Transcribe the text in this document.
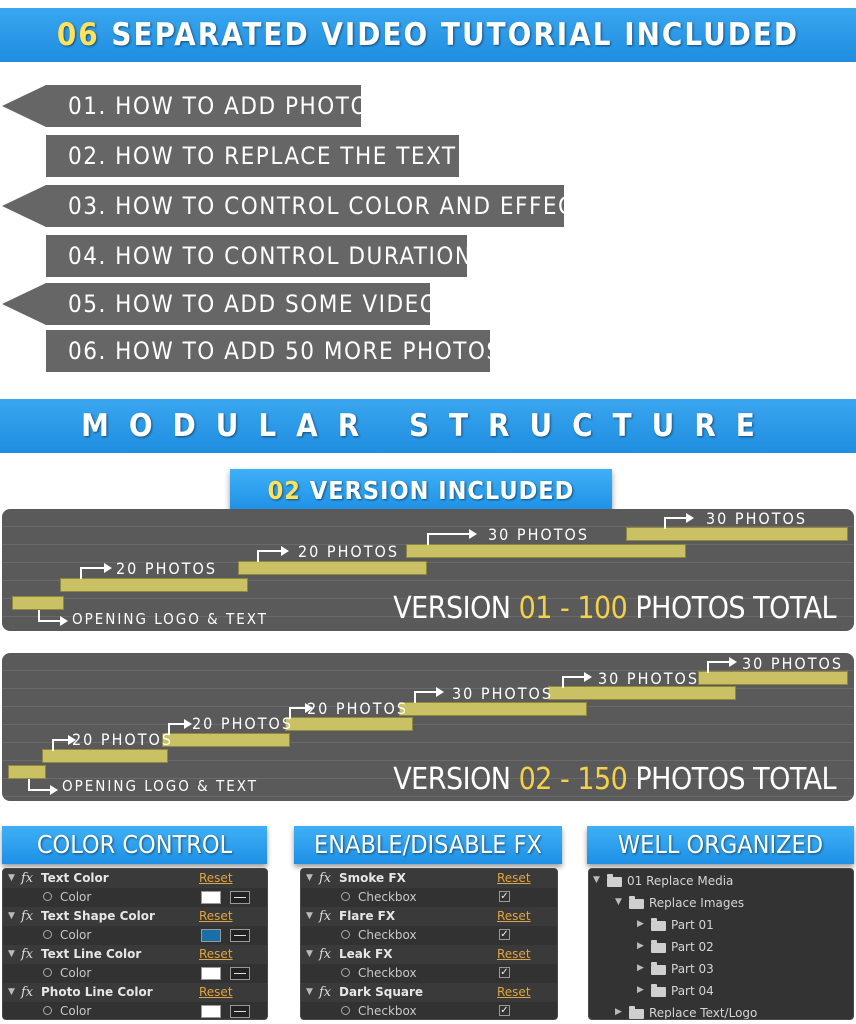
06 SEPARATED VIDEO TUTORIAL INCLUDED
01. HOW TO ADD PHOTO
02. HOW TO REPLACE THE TEXT
03. HOW TO CONTROL COLOR AND EFFECT
04. HOW TO CONTROL DURATION
05. HOW TO ADD SOME VIDEO
06. HOW TO ADD 50 MORE PHOTOS
MODULAR STRUCTURE
02 VERSION INCLUDED
20 PHOTOS
20 PHOTOS
30 PHOTOS
30 PHOTOS
OPENING LOGO & TEXT	VERSION 01 - 100 PHOTOS TOTAL
20 PHOTOS
20 PHOTOS
20 PHOTOS
30 PHOTOS
30 PHOTOS
30 PHOTOS
OPENING LOGO & TEXT	VERSION 02 - 150 PHOTOS TOTAL
COLOR CONTROL	ENABLE/DISABLE FX	WELL ORGANIZED
▼ fx Text Color	Reset
Color
▼ fx Text Shape Color	Reset
Color
▼ fx Text Line Color	Reset
Color
▼ fx Photo Line Color	Reset
Color
▼ fx Smoke FX	Reset
Checkbox	✓
▼ fx Flare FX	Reset
Checkbox	✓
▼ fx Leak FX	Reset
Checkbox	✓
▼ fx Dark Square	Reset
Checkbox	✓
▼ 01 Replace Media
▼ Replace Images
▶ Part 01
▶ Part 02
▶ Part 03
▶ Part 04
▶ Replace Text/Logo
